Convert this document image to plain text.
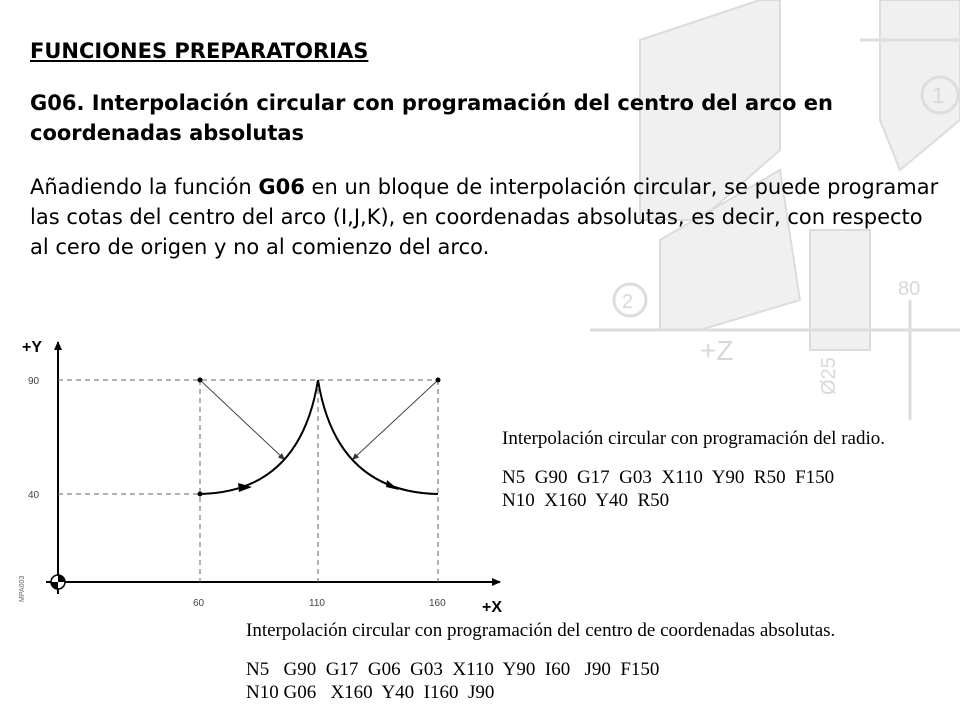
1
2
80
+Z
Ø25

FUNCIONES PREPARATORIAS

G06. Interpolación circular con programación del centro del arco en coordenadas absolutas

Añadiendo la función G06 en un bloque de interpolación circular, se puede programar las cotas del centro del arco (I,J,K), en coordenadas absolutas, es decir, con respecto al cero de origen y no al comienzo del arco.

+Y
+X
90
40
60	110	160
MPA003

Interpolación circular con programación del radio.

N5  G90  G17  G03  X110  Y90  R50  F150

N10  X160  Y40  R50

Interpolación circular con programación del centro de coordenadas absolutas.

N5   G90  G17  G06  G03  X110  Y90  I60   J90  F150

N10 G06   X160  Y40  I160  J90
